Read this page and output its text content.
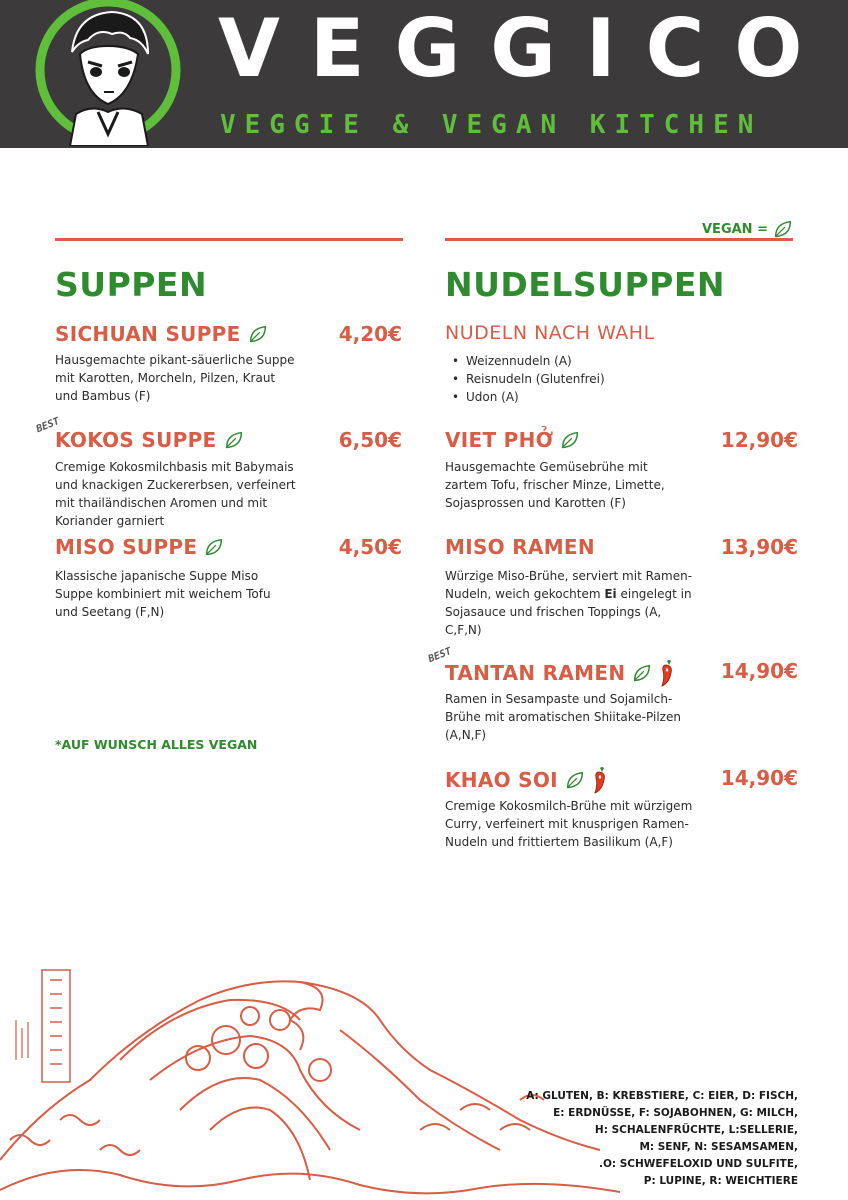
VEGGICO
VEGGIE & VEGAN KITCHEN
VEGAN =
SUPPEN
SICHUAN SUPPE	4,20€
Hausgemachte pikant-säuerliche Suppe mit Karotten, Morcheln, Pilzen, Kraut und Bambus (F)
BEST
KOKOS SUPPE	6,50€
Cremige Kokosmilchbasis mit Babymais und knackigen Zuckererbsen, verfeinert mit thailändischen Aromen und mit Koriander garniert
MISO SUPPE	4,50€
Klassische japanische Suppe Miso Suppe kombiniert mit weichem Tofu und Seetang (F,N)
*AUF WUNSCH ALLES VEGAN
NUDELSUPPEN
NUDELN NACH WAHL
• Weizennudeln (A)
• Reisnudeln (Glutenfrei)
• Udon (A)
VIET PHỞ	12,90€
Hausgemachte Gemüsebrühe mit zartem Tofu, frischer Minze, Limette, Sojasprossen und Karotten (F)
MISO RAMEN	13,90€
Würzige Miso-Brühe, serviert mit Ramen-Nudeln, weich gekochtem Ei eingelegt in Sojasauce und frischen Toppings (A, C,F,N)
BEST
TANTAN RAMEN	14,90€
Ramen in Sesampaste und Sojamilch-Brühe mit aromatischen Shiitake-Pilzen (A,N,F)
KHAO SOI	14,90€
Cremige Kokosmilch-Brühe mit würzigem Curry, verfeinert mit knusprigen Ramen-Nudeln und frittiertem Basilikum (A,F)
A: GLUTEN, B: KREBSTIERE, C: EIER, D: FISCH,
E: ERDNÜSSE, F: SOJABOHNEN, G: MILCH,
H: SCHALENFRÜCHTE, L:SELLERIE,
M: SENF, N: SESAMSAMEN,
.O: SCHWEFELOXID UND SULFITE,
P: LUPINE, R: WEICHTIERE
